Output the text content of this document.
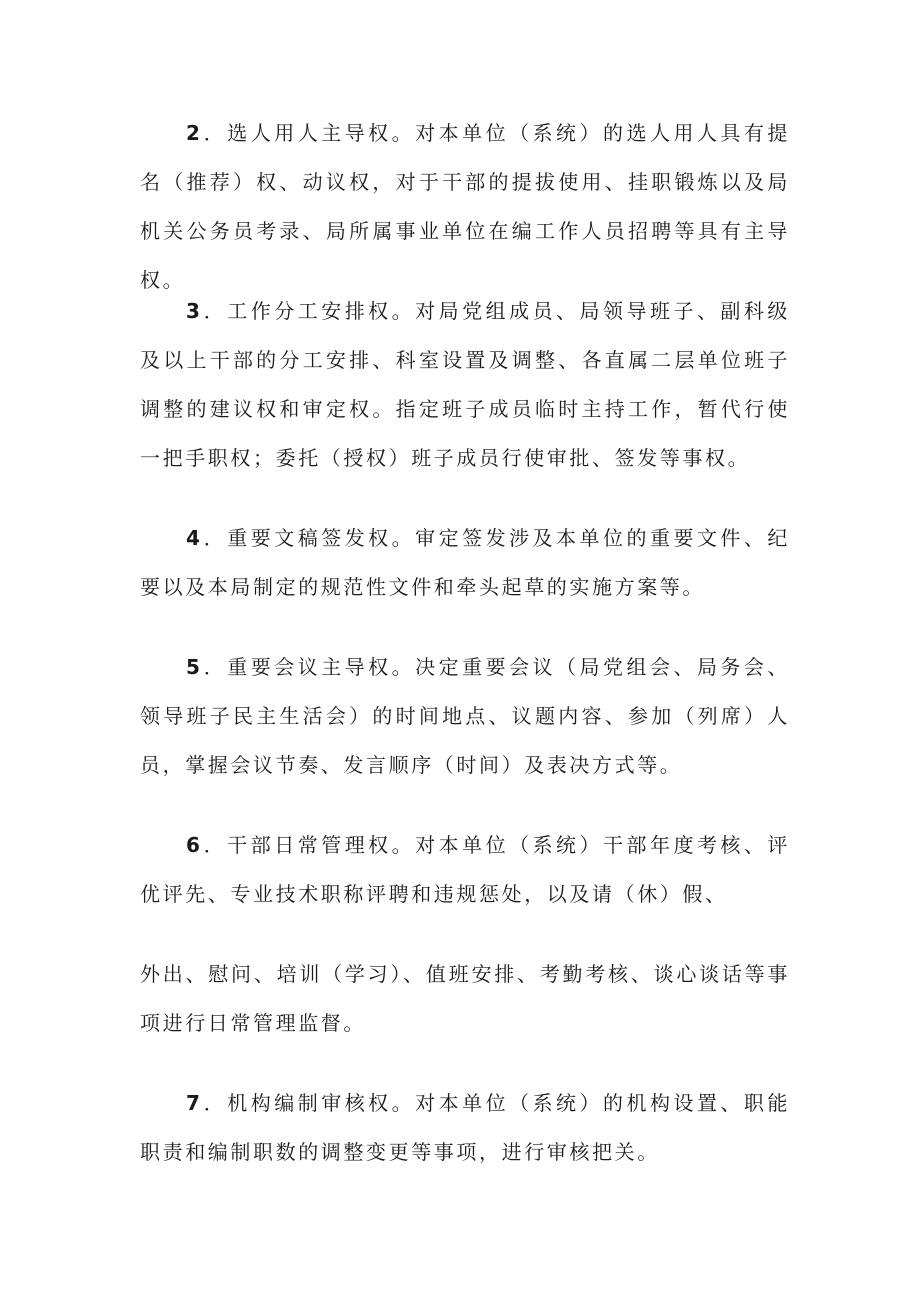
2．选人用人主导权。对本单位（系统）的选人用人具有提名（推荐）权、动议权，对于干部的提拔使用、挂职锻炼以及局机关公务员考录、局所属事业单位在编工作人员招聘等具有主导权。

3．工作分工安排权。对局党组成员、局领导班子、副科级及以上干部的分工安排、科室设置及调整、各直属二层单位班子调整的建议权和审定权。指定班子成员临时主持工作，暂代行使一把手职权；委托（授权）班子成员行使审批、签发等事权。

4．重要文稿签发权。审定签发涉及本单位的重要文件、纪要以及本局制定的规范性文件和牵头起草的实施方案等。

5．重要会议主导权。决定重要会议（局党组会、局务会、领导班子民主生活会）的时间地点、议题内容、参加（列席）人员，掌握会议节奏、发言顺序（时间）及表决方式等。

6．干部日常管理权。对本单位（系统）干部年度考核、评优评先、专业技术职称评聘和违规惩处，以及请（休）假、

外出、慰问、培训（学习）、值班安排、考勤考核、谈心谈话等事项进行日常管理监督。

7．机构编制审核权。对本单位（系统）的机构设置、职能职责和编制职数的调整变更等事项，进行审核把关。
